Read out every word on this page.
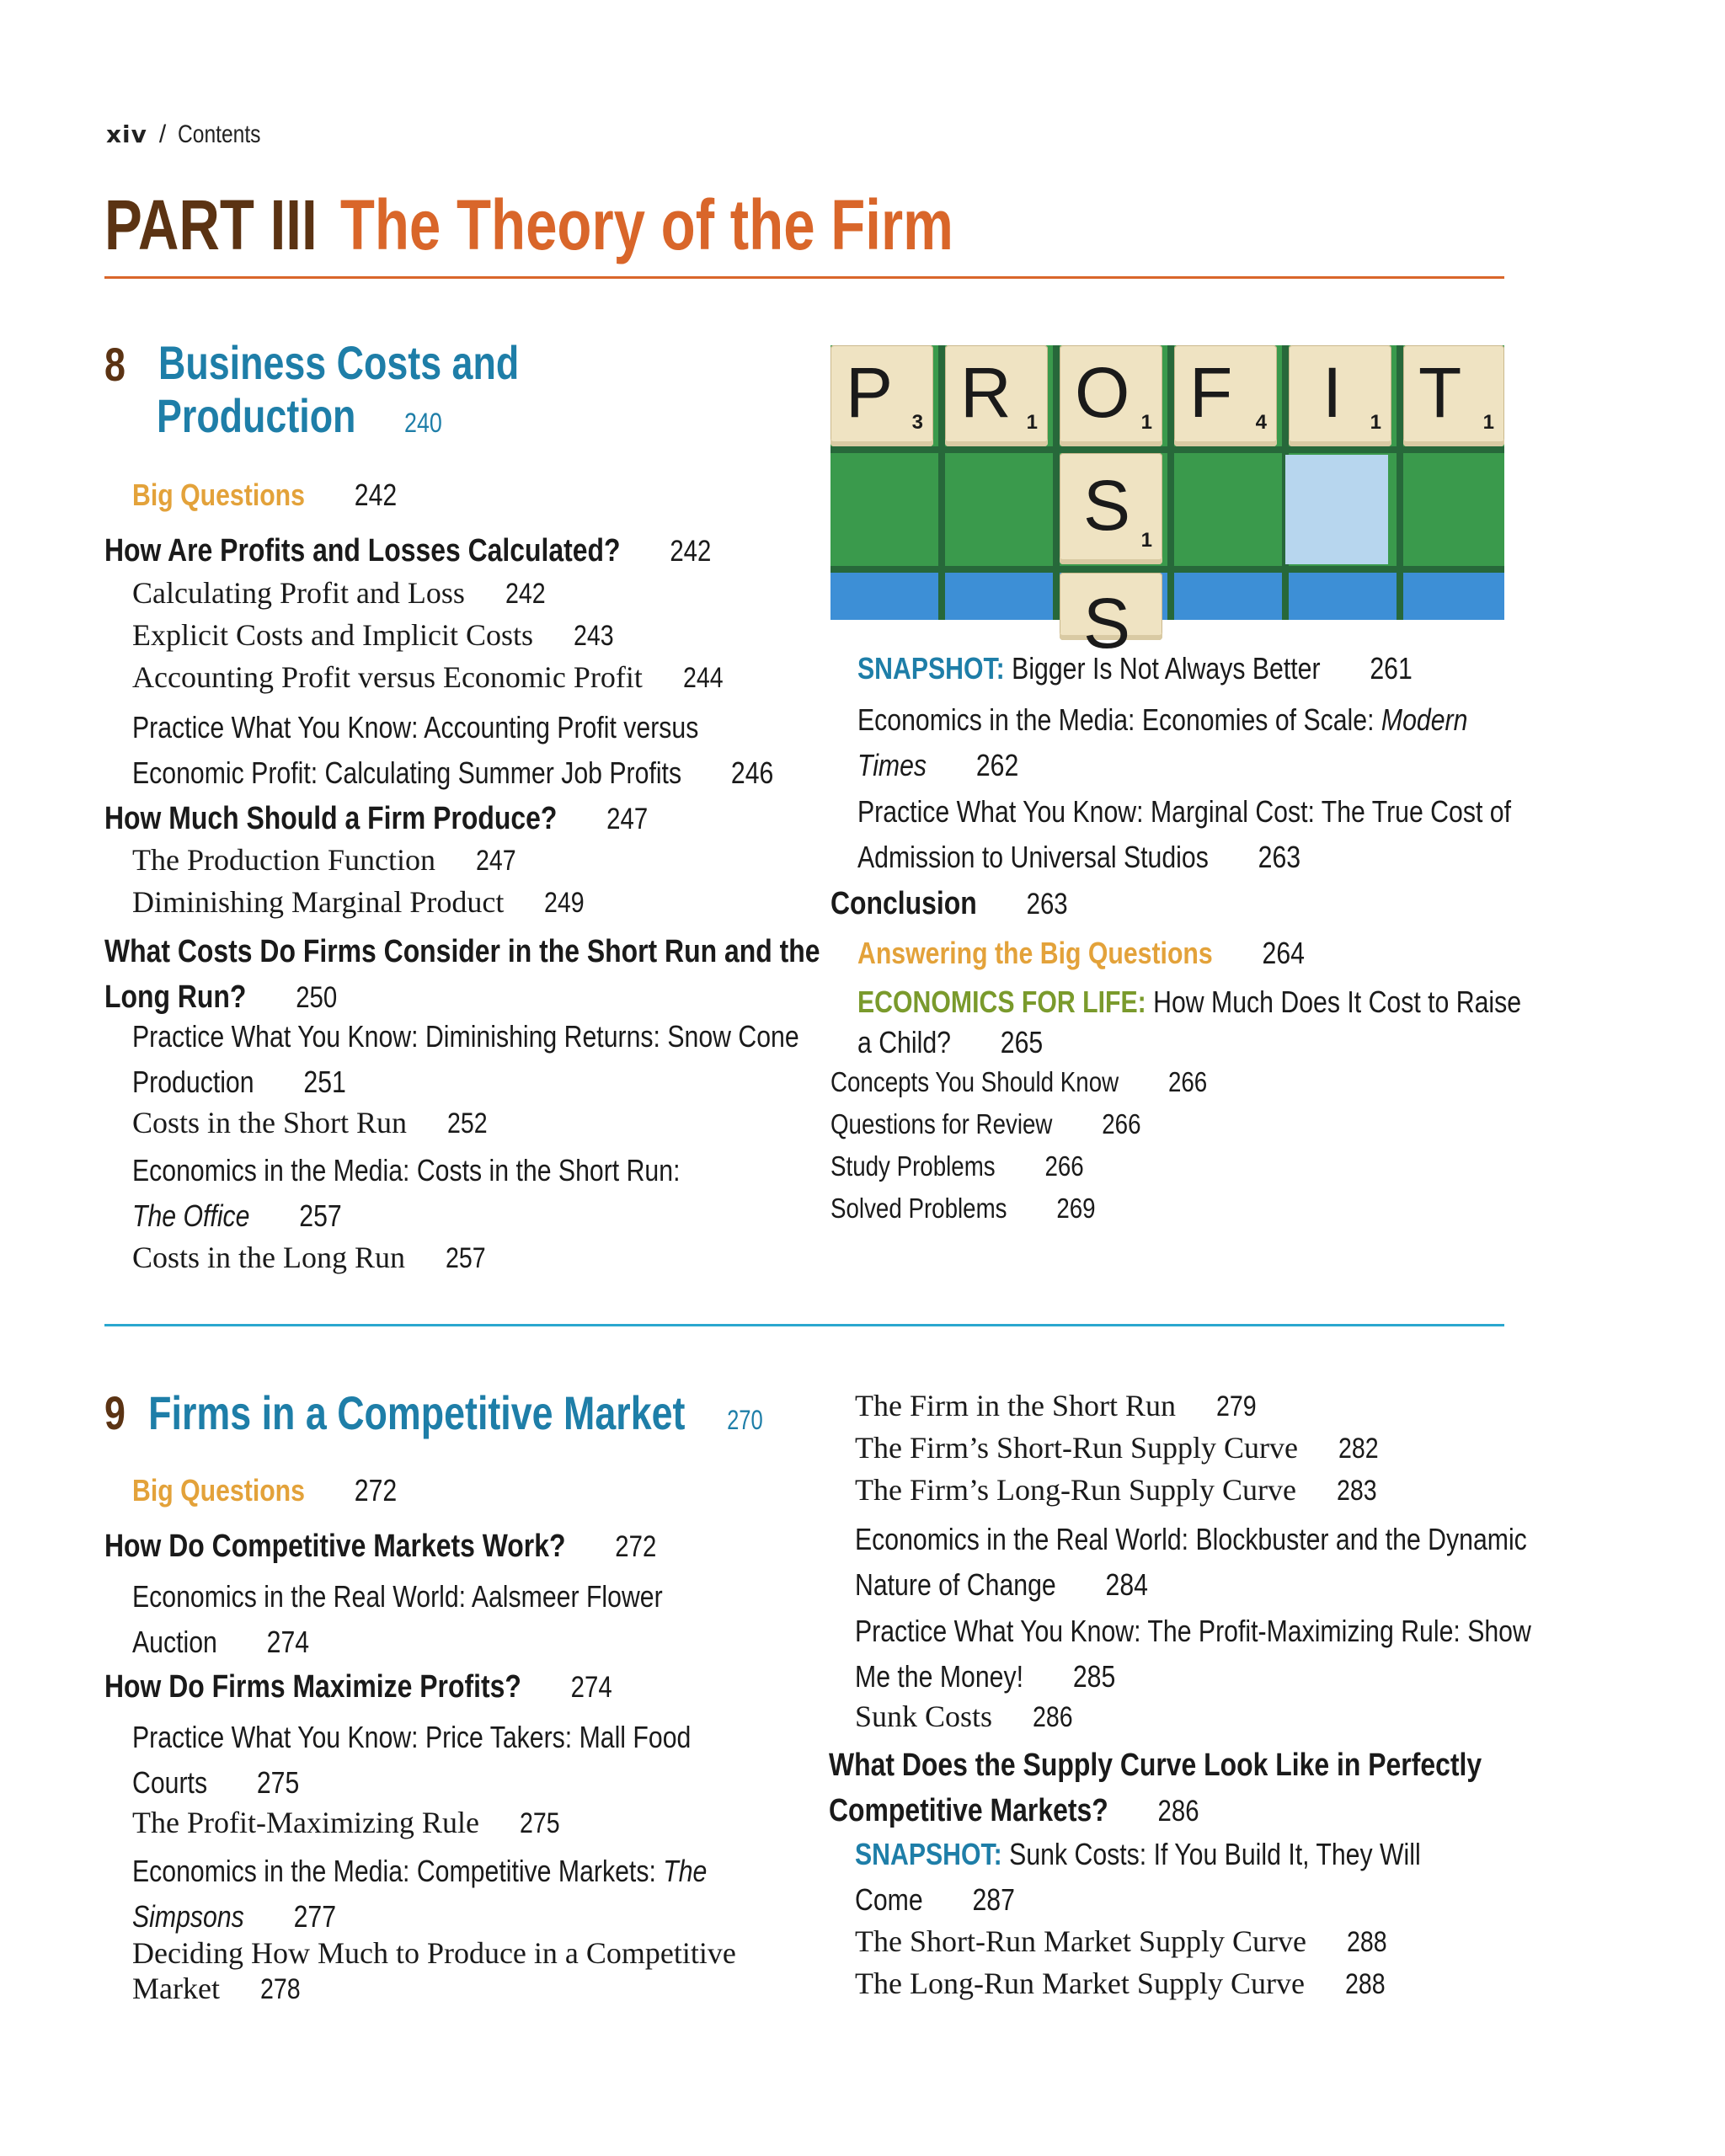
xiv / Contents
PART III The Theory of the Firm
8 Business Costs and
Production	240
Big Questions 242
How Are Profits and Losses Calculated? 242
Calculating Profit and Loss 242
Explicit Costs and Implicit Costs 243
Accounting Profit versus Economic Profit 244
Practice What You Know: Accounting Profit versus
Economic Profit: Calculating Summer Job Profits 246
How Much Should a Firm Produce? 247
The Production Function 247
Diminishing Marginal Product 249
What Costs Do Firms Consider in the Short Run and the
Long Run? 250
Practice What You Know: Diminishing Returns: Snow Cone
Production 251
Costs in the Short Run 252
Economics in the Media: Costs in the Short Run:
The Office 257
Costs in the Long Run 257
P 3 R 1 O 1 F 4 I 1 T 1
S 1
S
SNAPSHOT: Bigger Is Not Always Better 261
Economics in the Media: Economies of Scale: Modern
Times 262
Practice What You Know: Marginal Cost: The True Cost of
Admission to Universal Studios 263
Conclusion 263
Answering the Big Questions 264
ECONOMICS FOR LIFE: How Much Does It Cost to Raise
a Child? 265
Concepts You Should Know 266
Questions for Review 266
Study Problems 266
Solved Problems 269
9 Firms in a Competitive Market 270
Big Questions 272
How Do Competitive Markets Work? 272
Economics in the Real World: Aalsmeer Flower
Auction 274
How Do Firms Maximize Profits? 274
Practice What You Know: Price Takers: Mall Food
Courts 275
The Profit-Maximizing Rule 275
Economics in the Media: Competitive Markets: The
Simpsons 277
Deciding How Much to Produce in a Competitive
Market 278
The Firm in the Short Run 279
The Firm’s Short-Run Supply Curve 282
The Firm’s Long-Run Supply Curve 283
Economics in the Real World: Blockbuster and the Dynamic
Nature of Change 284
Practice What You Know: The Profit-Maximizing Rule: Show
Me the Money! 285
Sunk Costs 286
What Does the Supply Curve Look Like in Perfectly
Competitive Markets? 286
SNAPSHOT: Sunk Costs: If You Build It, They Will
Come 287
The Short-Run Market Supply Curve 288
The Long-Run Market Supply Curve 288
